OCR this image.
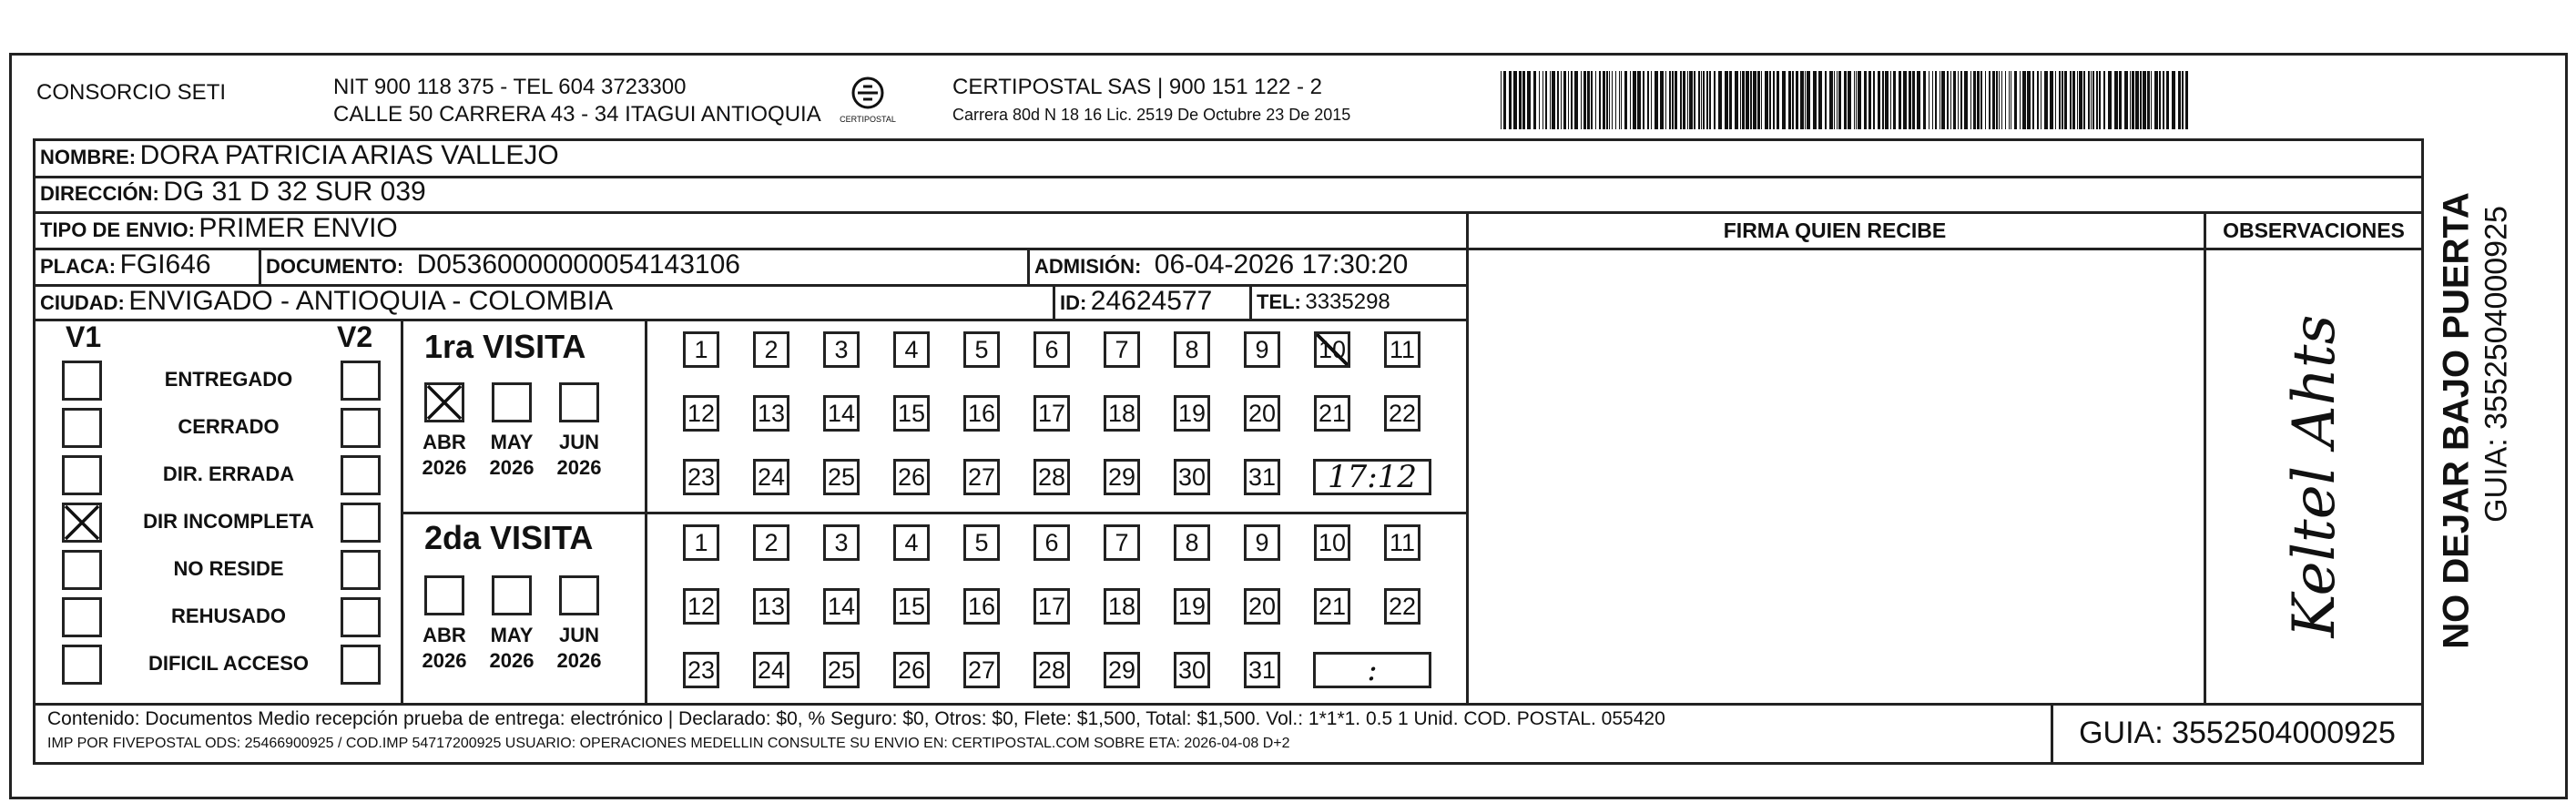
CONSORCIO SETI	NIT 900 118 375 - TEL 604 3723300
CALLE 50 CARRERA 43 - 34 ITAGUI ANTIOQUIA	CERTIPOSTAL
CERTIPOSTAL SAS | 900 151 122 - 2
Carrera 80d N 18 16 Lic. 2519 De Octubre 23 De 2015
NOMBRE: DORA PATRICIA ARIAS VALLEJO
DIRECCIÓN: DG 31 D 32 SUR 039
TIPO DE ENVIO: PRIMER ENVIO	FIRMA QUIEN RECIBE	OBSERVACIONES
PLACA: FGI646	DOCUMENTO: D05360000000054143106	ADMISIÓN: 06-04-2026 17:30:20
CIUDAD: ENVIGADO - ANTIOQUIA - COLOMBIA	ID: 24624577 TEL: 3335298
V1	V2
ENTREGADO
CERRADO
DIR. ERRADA
DIR INCOMPLETA
NO RESIDE
REHUSADO
DIFICIL ACCESO
1ra VISITA
2da VISITA
ABR
2026
MAY
2026
JUN
2026
1	2	3	4	5	6	7	8	9	10 11
12 13 14 15 16 17 18 19 20 21 22
23 24 25 26 27 28 29 30 31	17:12
ABR
2026
MAY
2026
JUN
2026
1	2	3	4	5	6	7	8	9	10 11
12 13 14 15 16 17 18 19 20 21 22
23 24 25 26 27 28 29 30 31	:
Keltel Ahts NO DEJAR BAJO PUERTA GUIA: 3552504000925
Contenido: Documentos Medio recepción prueba de entrega: electrónico | Declarado: $0, % Seguro: $0, Otros: $0, Flete: $1,500, Total: $1,500. Vol.: 1*1*1. 0.5 1 Unid. COD. POSTAL. 055420
IMP POR FIVEPOSTAL ODS: 25466900925 / COD.IMP 54717200925 USUARIO: OPERACIONES MEDELLIN CONSULTE SU ENVIO EN: CERTIPOSTAL.COM SOBRE ETA: 2026-04-08 D+2	GUIA: 3552504000925
